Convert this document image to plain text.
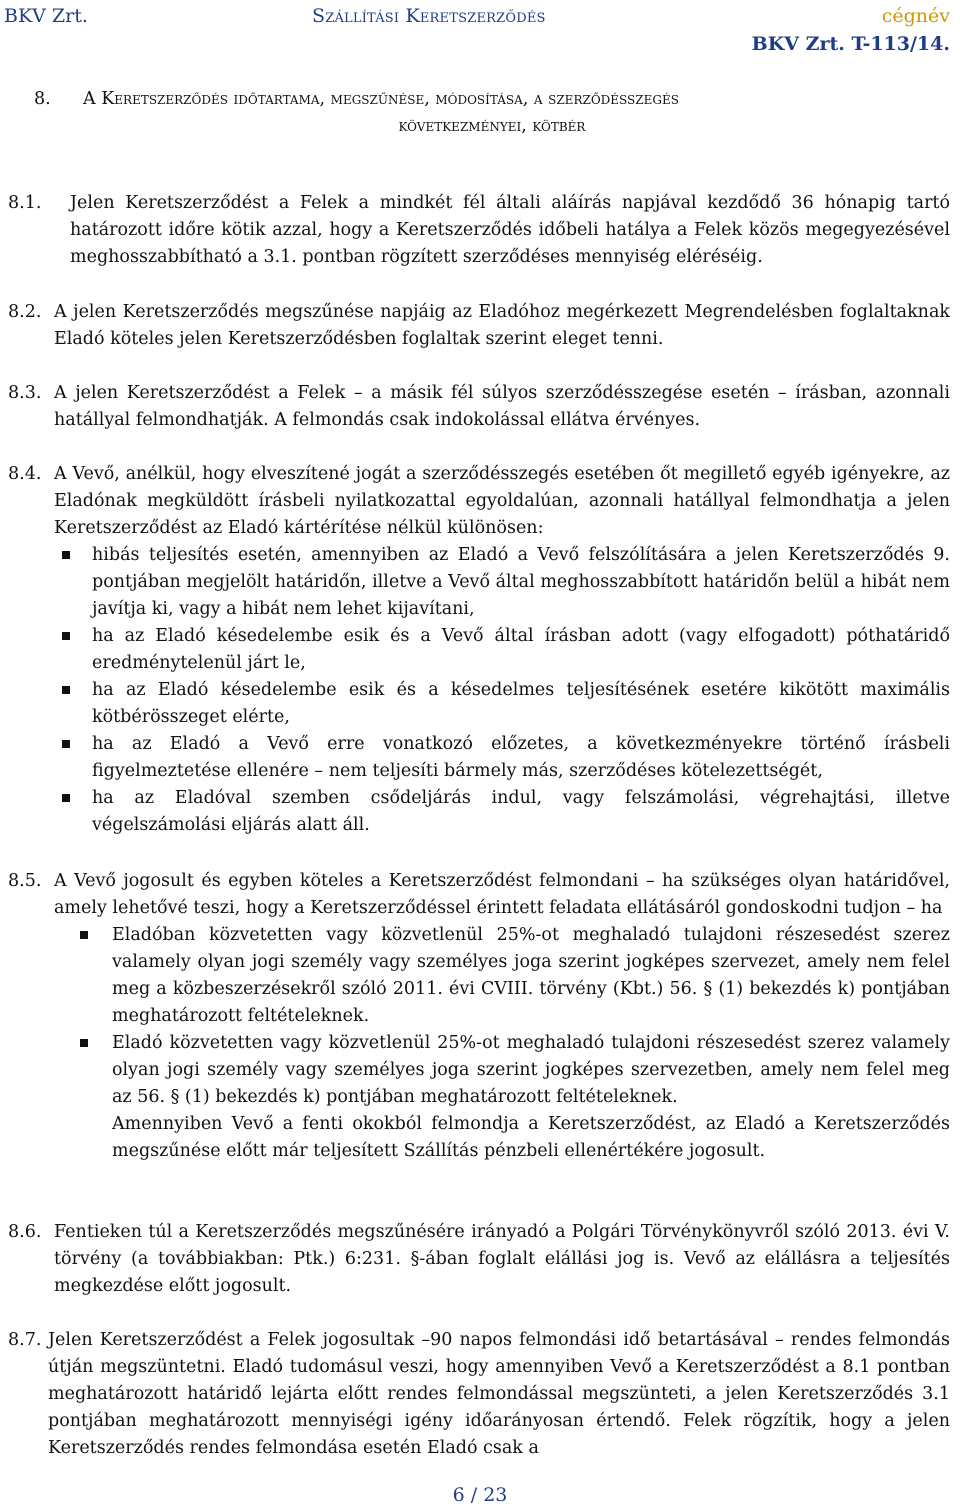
BKV Zrt.	Szállítási Keretszerződés	cégnév
BKV Zrt. T-113/14.
8. A Keretszerződés időtartama, megszűnése, módosítása, a szerződésszegés
következményei, kötbér
8.1. Jelen Keretszerződést a Felek a mindkét fél általi aláírás napjával kezdődő 36 hónapig tartó határozott időre kötik azzal, hogy a Keretszerződés időbeli hatálya a Felek közös megegyezésével meghosszabbítható a 3.1. pontban rögzített szerződéses mennyiség eléréséig.
8.2. A jelen Keretszerződés megszűnése napjáig az Eladóhoz megérkezett Megrendelésben foglaltaknak Eladó köteles jelen Keretszerződésben foglaltak szerint eleget tenni.
8.3. A jelen Keretszerződést a Felek – a másik fél súlyos szerződésszegése esetén – írásban, azonnali hatállyal felmondhatják. A felmondás csak indokolással ellátva érvényes.
8.4. A Vevő, anélkül, hogy elveszítené jogát a szerződésszegés esetében őt megillető egyéb igényekre, az Eladónak megküldött írásbeli nyilatkozattal egyoldalúan, azonnali hatállyal felmondhatja a jelen Keretszerződést az Eladó kártérítése nélkül különösen:
hibás teljesítés esetén, amennyiben az Eladó a Vevő felszólítására a jelen Keretszerződés 9. pontjában megjelölt határidőn, illetve a Vevő által meghosszabbított határidőn belül a hibát nem javítja ki, vagy a hibát nem lehet kijavítani,
ha az Eladó késedelembe esik és a Vevő által írásban adott (vagy elfogadott) póthatáridő eredménytelenül járt le,
ha az Eladó késedelembe esik és a késedelmes teljesítésének esetére kikötött maximális kötbérösszeget elérte,
ha az Eladó a Vevő erre vonatkozó előzetes, a következményekre történő írásbeli figyelmeztetése ellenére – nem teljesíti bármely más, szerződéses kötelezettségét,
ha az Eladóval szemben csődeljárás indul, vagy felszámolási, végrehajtási, illetve végelszámolási eljárás alatt áll.
8.5. A Vevő jogosult és egyben köteles a Keretszerződést felmondani – ha szükséges olyan határidővel, amely lehetővé teszi, hogy a Keretszerződéssel érintett feladata ellátásáról gondoskodni tudjon – ha
Eladóban közvetetten vagy közvetlenül 25%-ot meghaladó tulajdoni részesedést szerez valamely olyan jogi személy vagy személyes joga szerint jogképes szervezet, amely nem felel meg a közbeszerzésekről szóló 2011. évi CVIII. törvény (Kbt.) 56. § (1) bekezdés k) pontjában meghatározott feltételeknek.
Eladó közvetetten vagy közvetlenül 25%-ot meghaladó tulajdoni részesedést szerez valamely olyan jogi személy vagy személyes joga szerint jogképes szervezetben, amely nem felel meg az 56. § (1) bekezdés k) pontjában meghatározott feltételeknek.
Amennyiben Vevő a fenti okokból felmondja a Keretszerződést, az Eladó a Keretszerződés megszűnése előtt már teljesített Szállítás pénzbeli ellenértékére jogosult.
8.6. Fentieken túl a Keretszerződés megszűnésére irányadó a Polgári Törvénykönyvről szóló 2013. évi V. törvény (a továbbiakban: Ptk.) 6:231. §-ában foglalt elállási jog is. Vevő az elállásra a teljesítés megkezdése előtt jogosult.
8.7. Jelen Keretszerződést a Felek jogosultak –90 napos felmondási idő betartásával – rendes felmondás útján megszüntetni. Eladó tudomásul veszi, hogy amennyiben Vevő a Keretszerződést a 8.1 pontban meghatározott határidő lejárta előtt rendes felmondással megszünteti, a jelen Keretszerződés 3.1 pontjában meghatározott mennyiségi igény időarányosan értendő. Felek rögzítik, hogy a jelen Keretszerződés rendes felmondása esetén Eladó csak a
6 / 23
